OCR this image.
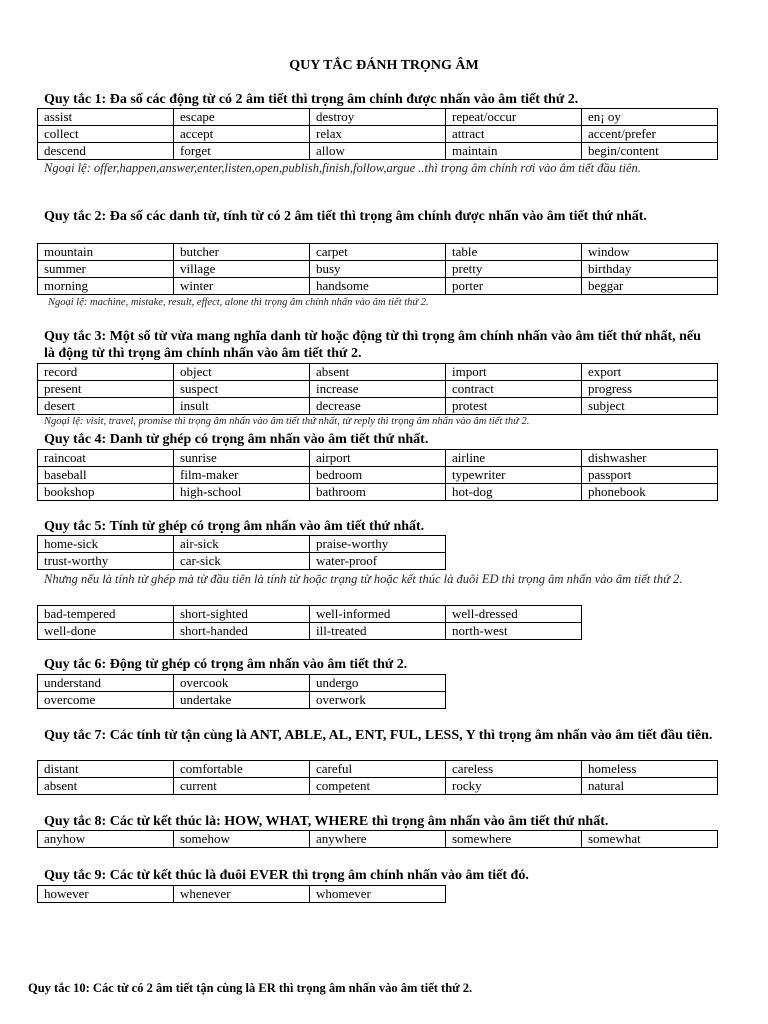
QUY TẮC ĐÁNH TRỌNG ÂM
Quy tắc 1: Đa số các động từ có 2 âm tiết thì trọng âm chính được nhấn vào âm tiết thứ 2.
assist	escape	destroy	repeat/occur	en¡ oy
collect	accept	relax	attract	accent/prefer
descend	forget	allow	maintain	begin/content
Ngoại lệ: offer,happen,answer,enter,listen,open,publish,finish,follow,argue ..thì trọng âm chính rơi vào âm tiết đầu tiên.
Quy tắc 2: Đa số các danh từ, tính từ có 2 âm tiết thì trọng âm chính được nhấn vào âm tiết thứ nhất.
mountain	butcher	carpet	table	window
summer	village	busy	pretty	birthday
morning	winter	handsome	porter	beggar
Ngoại lệ: machine, mistake, result, effect, alone thì trọng âm chính nhấn vào âm tiết thứ 2.
Quy tắc 3: Một số từ vừa mang nghĩa danh từ hoặc động từ thì trọng âm chính nhấn vào âm tiết thứ nhất, nếu là động từ thì trọng âm chính nhấn vào âm tiết thứ 2.
record	object	absent	import	export
present	suspect	increase	contract	progress
desert	insult	decrease	protest	subject
Ngoại lệ: visit, travel, promise thì trọng âm nhấn vào âm tiết thứ nhất, từ reply thì trọng âm nhấn vào âm tiết thứ 2.
Quy tắc 4: Danh từ ghép có trọng âm nhấn vào âm tiết thứ nhất.
raincoat	sunrise	airport	airline	dishwasher
baseball	film-maker	bedroom	typewriter	passport
bookshop	high-school	bathroom	hot-dog	phonebook
Quy tắc 5: Tính từ ghép có trọng âm nhấn vào âm tiết thứ nhất.
home-sick	air-sick	praise-worthy
trust-worthy	car-sick	water-proof
Nhưng nếu là tính từ ghép mà từ đầu tiên là tính từ hoặc trạng từ hoặc kết thúc là đuôi ED thì trọng âm nhấn vào âm tiết thứ 2.
bad-tempered	short-sighted	well-informed	well-dressed
well-done	short-handed	ill-treated	north-west
Quy tắc 6: Động từ ghép có trọng âm nhấn vào âm tiết thứ 2.
understand	overcook	undergo
overcome	undertake	overwork
Quy tắc 7: Các tính từ tận cùng là ANT, ABLE, AL, ENT, FUL, LESS, Y thì trọng âm nhấn vào âm tiết đầu tiên.
distant	comfortable	careful	careless	homeless
absent	current	competent	rocky	natural
Quy tắc 8: Các từ kết thúc là: HOW, WHAT, WHERE thì trọng âm nhấn vào âm tiết thứ nhất.
anyhow	somehow	anywhere	somewhere	somewhat
Quy tắc 9: Các từ kết thúc là đuôi EVER thì trọng âm chính nhấn vào âm tiết đó.
however	whenever	whomever
Quy tắc 10: Các từ có 2 âm tiết tận cùng là ER thì trọng âm nhấn vào âm tiết thứ 2.
